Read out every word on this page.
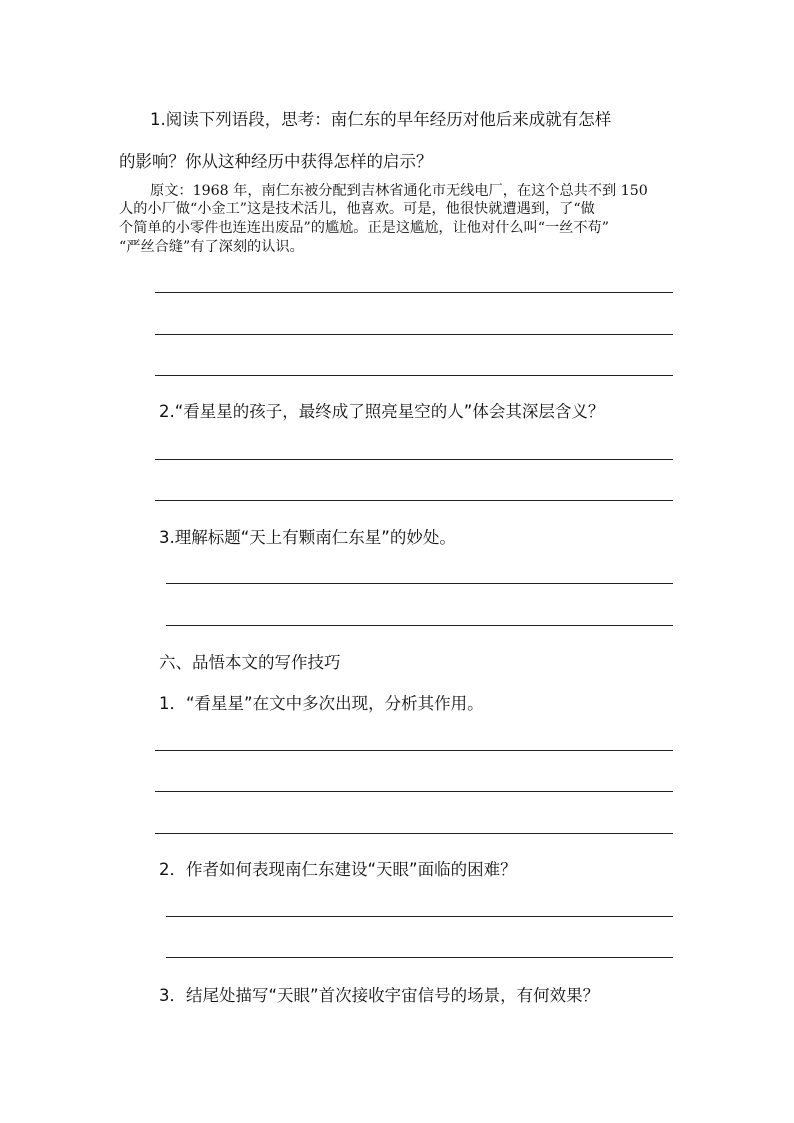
1.阅读下列语段，思考：南仁东的早年经历对他后来成就有怎样
的影响？你从这种经历中获得怎样的启示？
原文：1968 年，南仁东被分配到吉林省通化市无线电厂，在这个总共不到 150
人的小厂做“小金工”这是技术活儿，他喜欢。可是，他很快就遭遇到，了“做
个简单的小零件也连连出废品”的尴尬。正是这尴尬，让他对什么叫“一丝不苟”
“严丝合缝”有了深刻的认识。
2.“看星星的孩子，最终成了照亮星空的人”体会其深层含义？
3.理解标题“天上有颗南仁东星”的妙处。
六、品悟本文的写作技巧
1．“看星星”在文中多次出现，分析其作用。
2．作者如何表现南仁东建设“天眼”面临的困难？
3．结尾处描写“天眼”首次接收宇宙信号的场景，有何效果？
